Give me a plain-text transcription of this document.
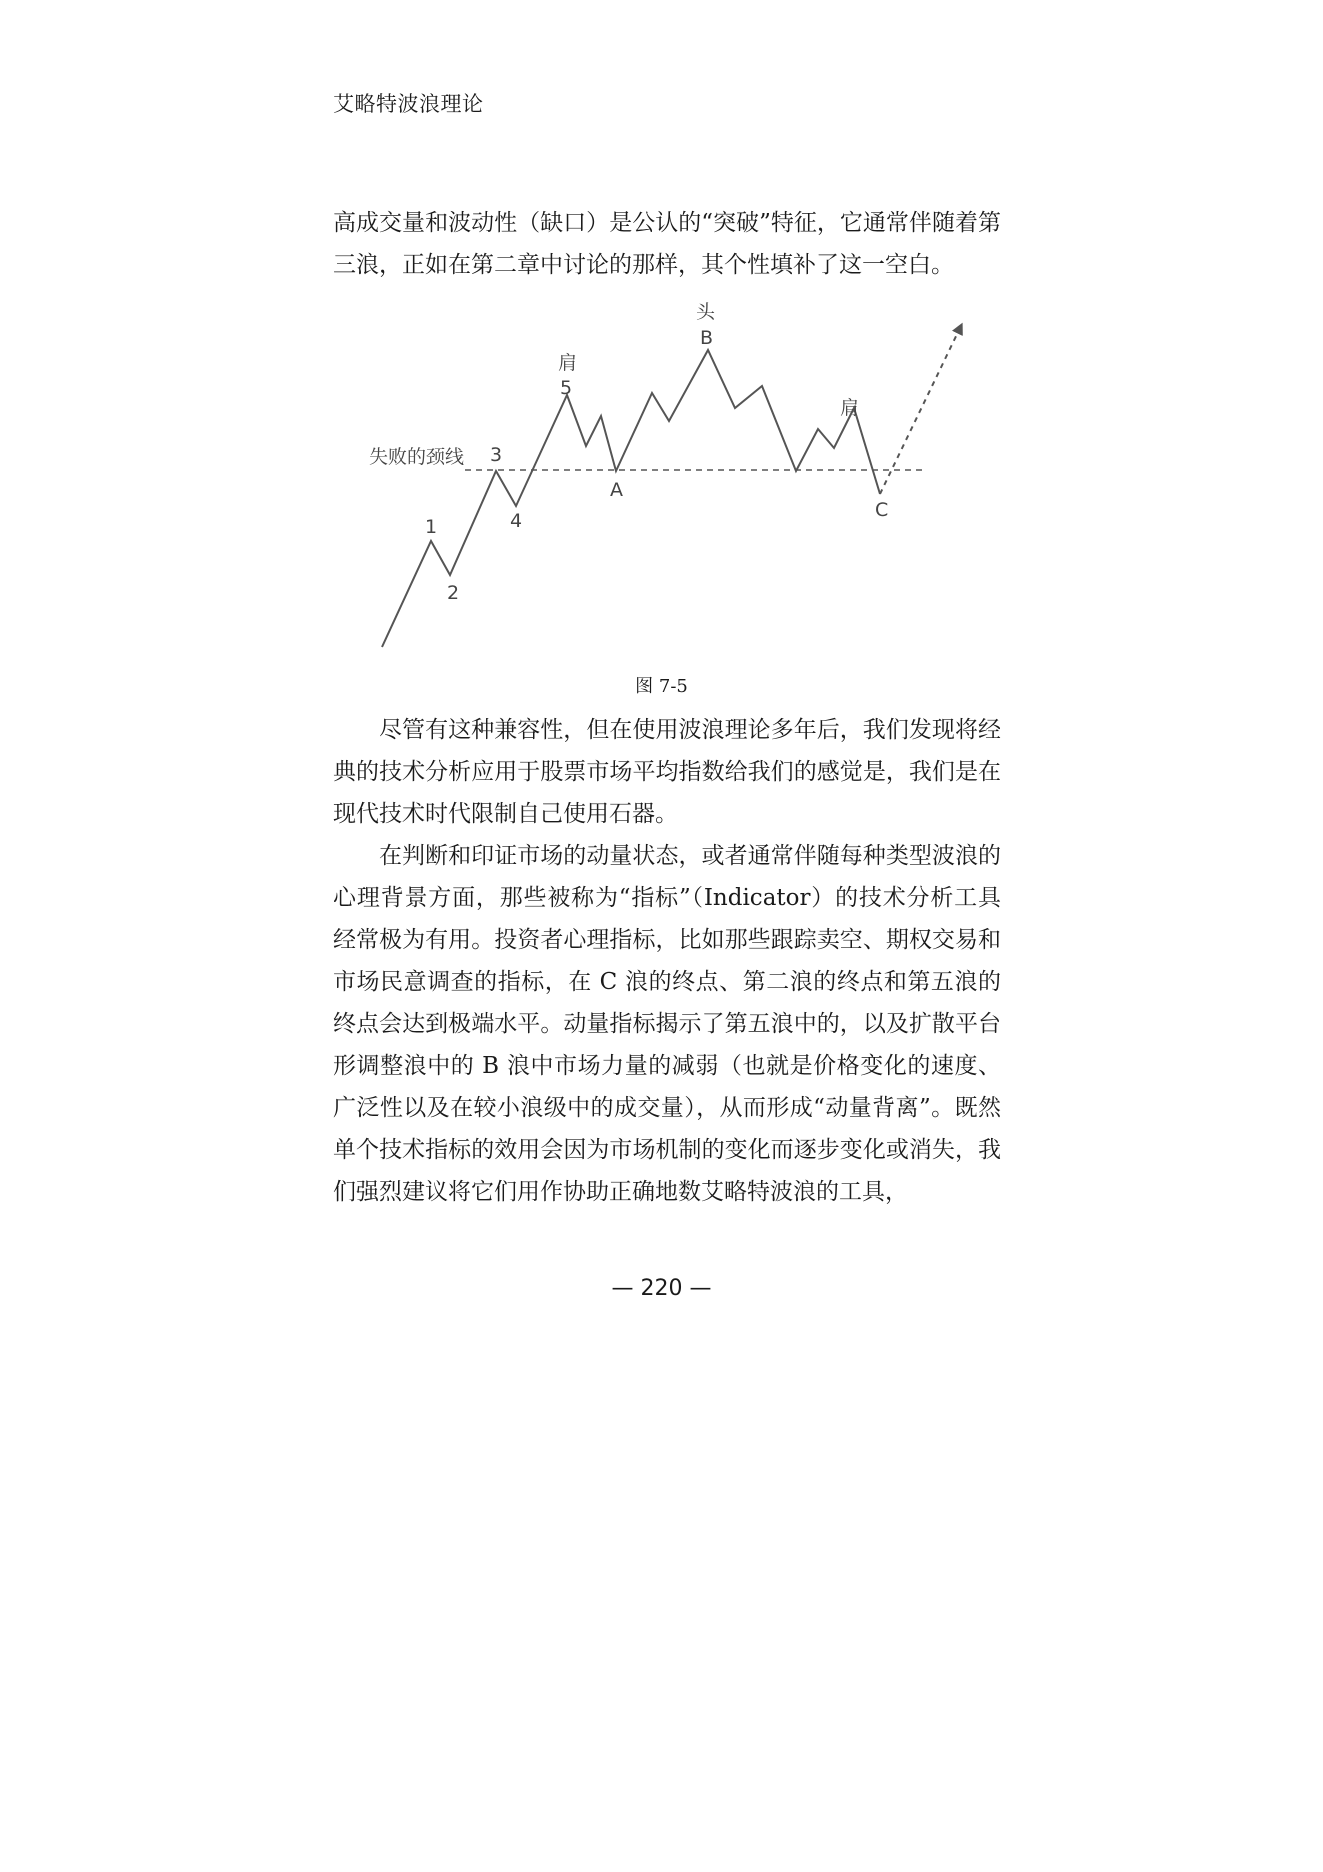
艾略特波浪理论

高成交量和波动性（缺口）是公认的“突破”特征，它通常伴随着第三浪，正如在第二章中讨论的那样，其个性填补了这一空白。

失败的颈线
1
2
3
4
5
肩
A
头
B
肩
C
图 7-5

尽管有这种兼容性，但在使用波浪理论多年后，我们发现将经典的技术分析应用于股票市场平均指数给我们的感觉是，我们是在现代技术时代限制自己使用石器。

在判断和印证市场的动量状态，或者通常伴随每种类型波浪的心理背景方面，那些被称为“指标”（Indicator）的技术分析工具经常极为有用。投资者心理指标，比如那些跟踪卖空、期权交易和市场民意调查的指标，在 C 浪的终点、第二浪的终点和第五浪的终点会达到极端水平。动量指标揭示了第五浪中的，以及扩散平台形调整浪中的 B 浪中市场力量的减弱（也就是价格变化的速度、广泛性以及在较小浪级中的成交量），从而形成“动量背离”。既然单个技术指标的效用会因为市场机制的变化而逐步变化或消失，我们强烈建议将它们用作协助正确地数艾略特波浪的工具，

— 220 —
